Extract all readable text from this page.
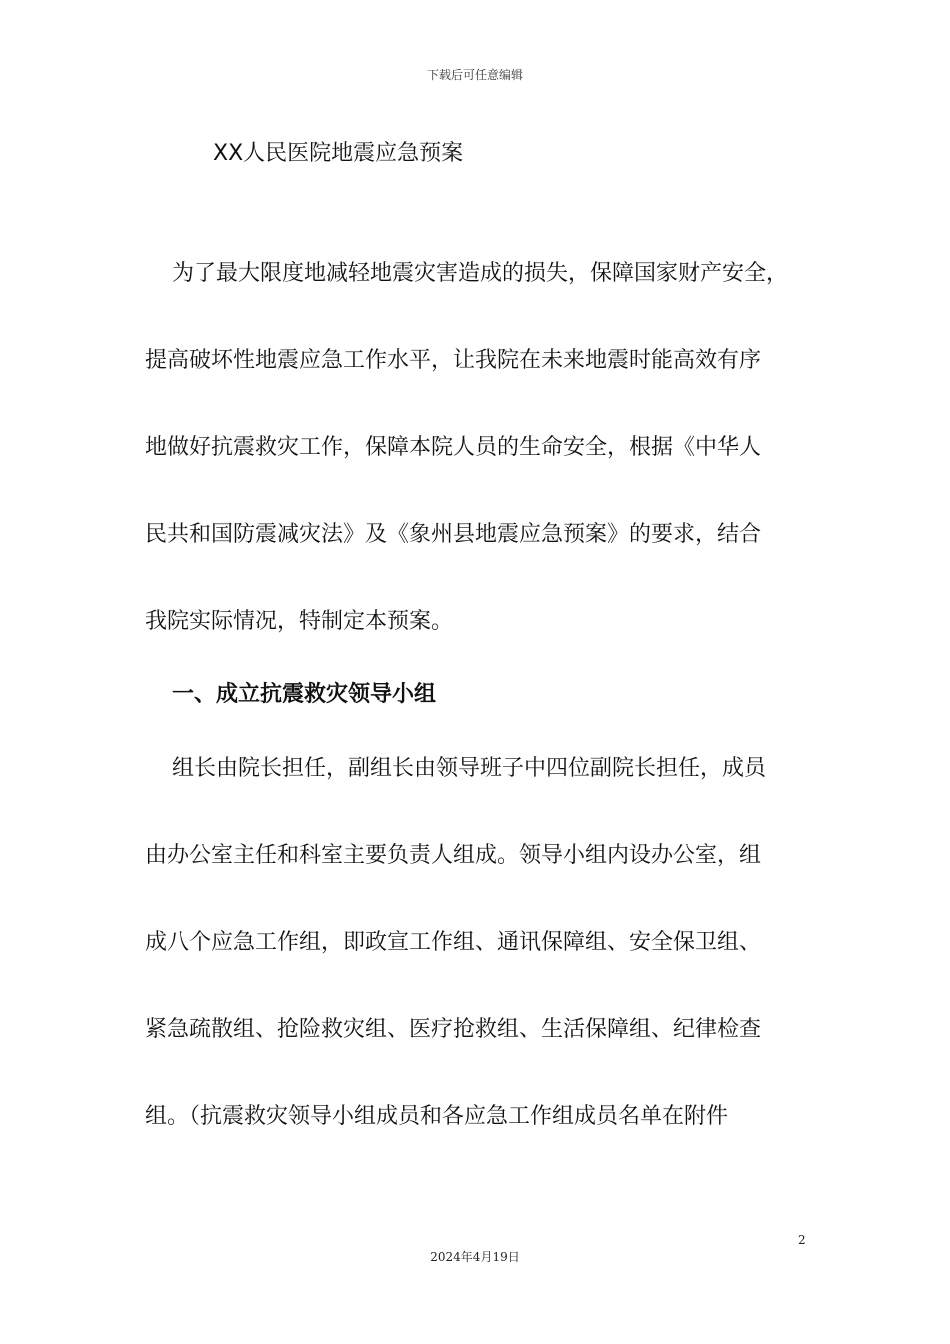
下载后可任意编辑
XX人民医院地震应急预案

为了最大限度地减轻地震灾害造成的损失，保障国家财产安全，

提高破坏性地震应急工作水平，让我院在未来地震时能高效有序

地做好抗震救灾工作，保障本院人员的生命安全，根据《中华人

民共和国防震减灾法》及《象州县地震应急预案》的要求，结合

我院实际情况，特制定本预案。

一、成立抗震救灾领导小组

组长由院长担任，副组长由领导班子中四位副院长担任，成员

由办公室主任和科室主要负责人组成。领导小组内设办公室，组

成八个应急工作组，即政宣工作组、通讯保障组、安全保卫组、

紧急疏散组、抢险救灾组、医疗抢救组、生活保障组、纪律检查

组。（抗震救灾领导小组成员和各应急工作组成员名单在附件

2
2024年4月19日
